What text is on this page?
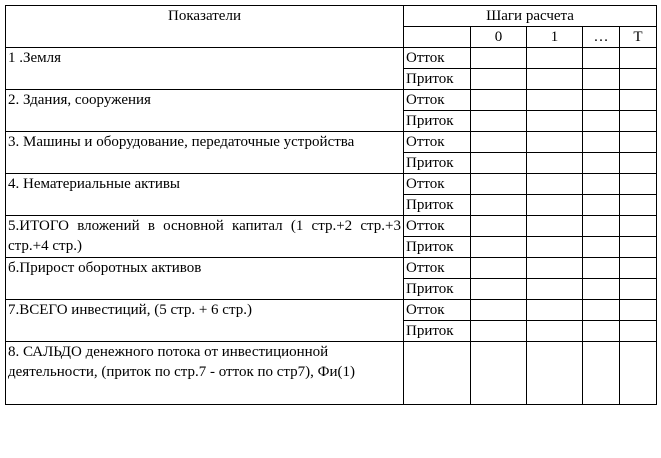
Показатели	Шаги расчета				
		0	1	…	T
1 .Земля	Отток				
	Приток				
2. Здания, сооружения	Отток				
	Приток				
3. Машины и оборудование, передаточные устройства	Отток				
	Приток				
4. Нематериальные активы	Отток				
	Приток				
5.ИТОГО вложений в основной капитал (1 стр.+2 стр.+3 стр.+4 стр.)	Отток				
	Приток				
б.Прирост оборотных активов	Отток				
	Приток				
7.ВСЕГО инвестиций, (5 стр. + 6 стр.)	Отток				
	Приток				
8. САЛЬДО денежного потока от инвестиционной деятельности, (приток по стр.7 - отток по стр7), Фи(1)					
